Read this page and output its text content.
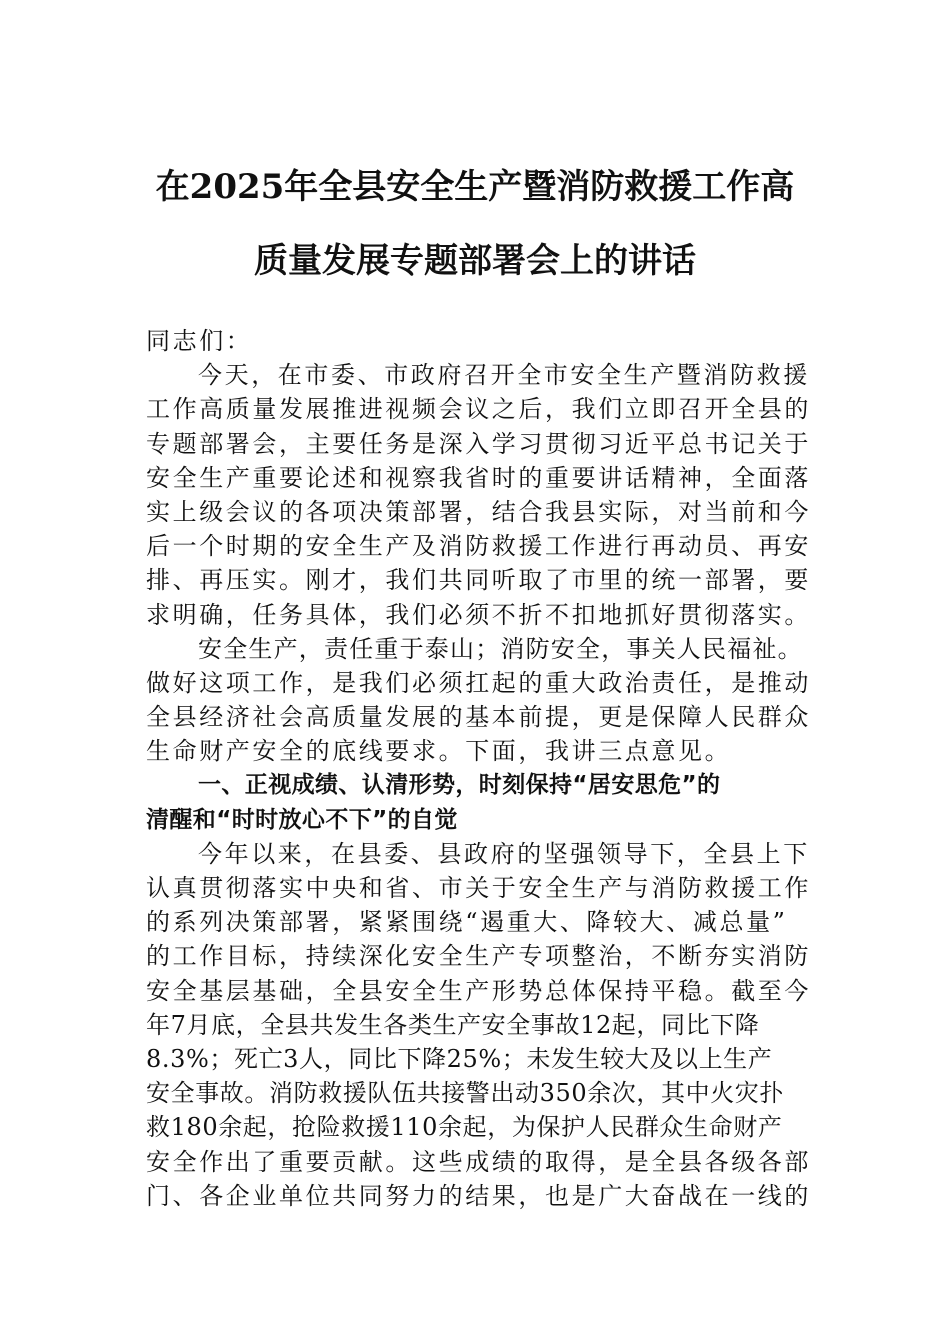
在2025年全县安全生产暨消防救援工作高
质量发展专题部署会上的讲话
同志们：
今天，在市委、市政府召开全市安全生产暨消防救援
工作高质量发展推进视频会议之后，我们立即召开全县的
专题部署会，主要任务是深入学习贯彻习近平总书记关于
安全生产重要论述和视察我省时的重要讲话精神，全面落
实上级会议的各项决策部署，结合我县实际，对当前和今
后一个时期的安全生产及消防救援工作进行再动员、再安
排、再压实。刚才，我们共同听取了市里的统一部署，要
求明确，任务具体，我们必须不折不扣地抓好贯彻落实。
安全生产，责任重于泰山；消防安全，事关人民福祉。
做好这项工作，是我们必须扛起的重大政治责任，是推动
全县经济社会高质量发展的基本前提，更是保障人民群众
生命财产安全的底线要求。下面，我讲三点意见。
一、正视成绩、认清形势，时刻保持“居安思危”的
清醒和“时时放心不下”的自觉
今年以来，在县委、县政府的坚强领导下，全县上下
认真贯彻落实中央和省、市关于安全生产与消防救援工作
的系列决策部署，紧紧围绕“遏重大、降较大、减总量”
的工作目标，持续深化安全生产专项整治，不断夯实消防
安全基层基础，全县安全生产形势总体保持平稳。截至今
年7月底，全县共发生各类生产安全事故12起，同比下降
8.3%；死亡3人，同比下降25%；未发生较大及以上生产
安全事故。消防救援队伍共接警出动350余次，其中火灾扑
救180余起，抢险救援110余起，为保护人民群众生命财产
安全作出了重要贡献。这些成绩的取得，是全县各级各部
门、各企业单位共同努力的结果，也是广大奋战在一线的
